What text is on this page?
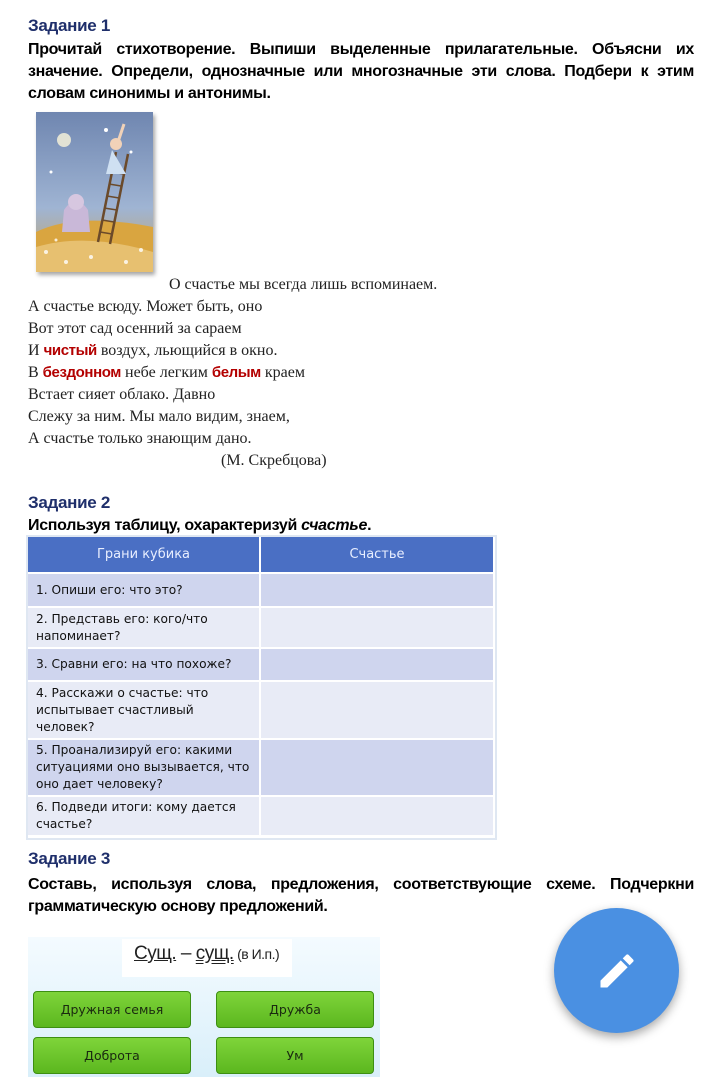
Задание 1
Прочитай стихотворение. Выпиши выделенные прилагательные. Объясни их значение. Определи, однозначные или многозначные эти слова. Подбери к этим словам синонимы и антонимы.
О счастье мы всегда лишь вспоминаем.
А счастье всюду. Может быть, оно
Вот этот сад осенний за сараем
И чистый воздух, льющийся в окно.
В бездонном небе легким белым краем
Встает сияет облако. Давно
Слежу за ним. Мы мало видим, знаем,
А счастье только знающим дано.
(М. Скребцова)
Задание 2
Используя таблицу, охарактеризуй счастье.
Грани кубика	Счастье
1. Опиши его: что это?	
2. Представь его: кого/что напоминает?	
3. Сравни его: на что похоже?	
4. Расскажи о счастье: что испытывает счастливый человек?	
5. Проанализируй его: какими ситуациями оно вызывается, что оно дает человеку?	
6. Подведи итоги: кому дается счастье?	
Задание 3
Составь, используя слова, предложения, соответствующие схеме. Подчеркни грамматическую основу предложений.
Сущ. – сущ. (в И.п.)
Дружная семья	Дружба
Доброта	Ум
